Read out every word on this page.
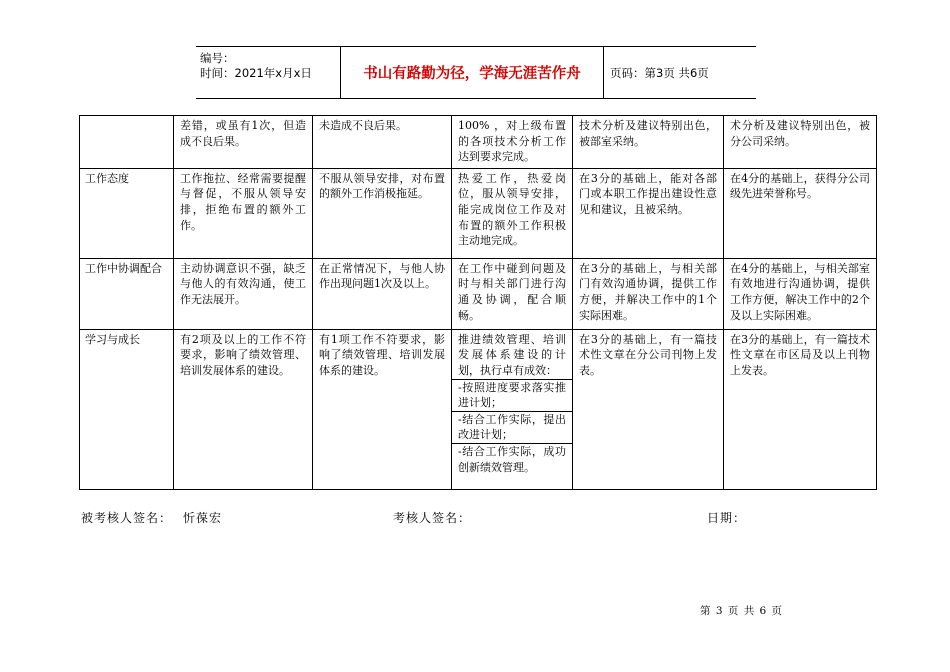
编号：
时间：2021年x月x日	书山有路勤为径，学海无涯苦作舟	页码：第3页 共6页
	差错，或虽有1次，但造成不良后果。	未造成不良后果。	100% ，对上级布置的各项技术分析工作达到要求完成。	技术分析及建议特别出色，被部室采纳。	术分析及建议特别出色，被分公司采纳。
工作态度	工作拖拉、经常需要提醒与督促，不服从领导安排，拒绝布置的额外工作。	不服从领导安排，对布置的额外工作消极拖延。	热爱工作，热爱岗位，服从领导安排，能完成岗位工作及对布置的额外工作积极主动地完成。	在3分的基础上，能对各部门或本职工作提出建设性意见和建议，且被采纳。	在4分的基础上，获得分公司级先进荣誉称号。
工作中协调配合	主动协调意识不强，缺乏与他人的有效沟通，使工作无法展开。	在正常情况下，与他人协作出现问题1次及以上。	在工作中碰到问题及时与相关部门进行沟通及协调，配合顺畅。	在3分的基础上，与相关部门有效沟通协调，提供工作方便，并解决工作中的1个实际困难。	在4分的基础上，与相关部室有效地进行沟通协调，提供工作方便，解决工作中的2个及以上实际困难。
学习与成长	有2项及以上的工作不符要求，影响了绩效管理、培训发展体系的建设。	有1项工作不符要求，影响了绩效管理、培训发展体系的建设。	推进绩效管理、培训发展体系建设的计划，执行卓有成效：
-按照进度要求落实推进计划；
-结合工作实际，提出改进计划；
-结合工作实际，成功创新绩效管理。	在3分的基础上，有一篇技术性文章在分公司刊物上发表。	在3分的基础上，有一篇技术性文章在市区局及以上刊物上发表。
被考核人签名： 忻葆宏	考核人签名：	日期：
第 3 页 共 6 页
